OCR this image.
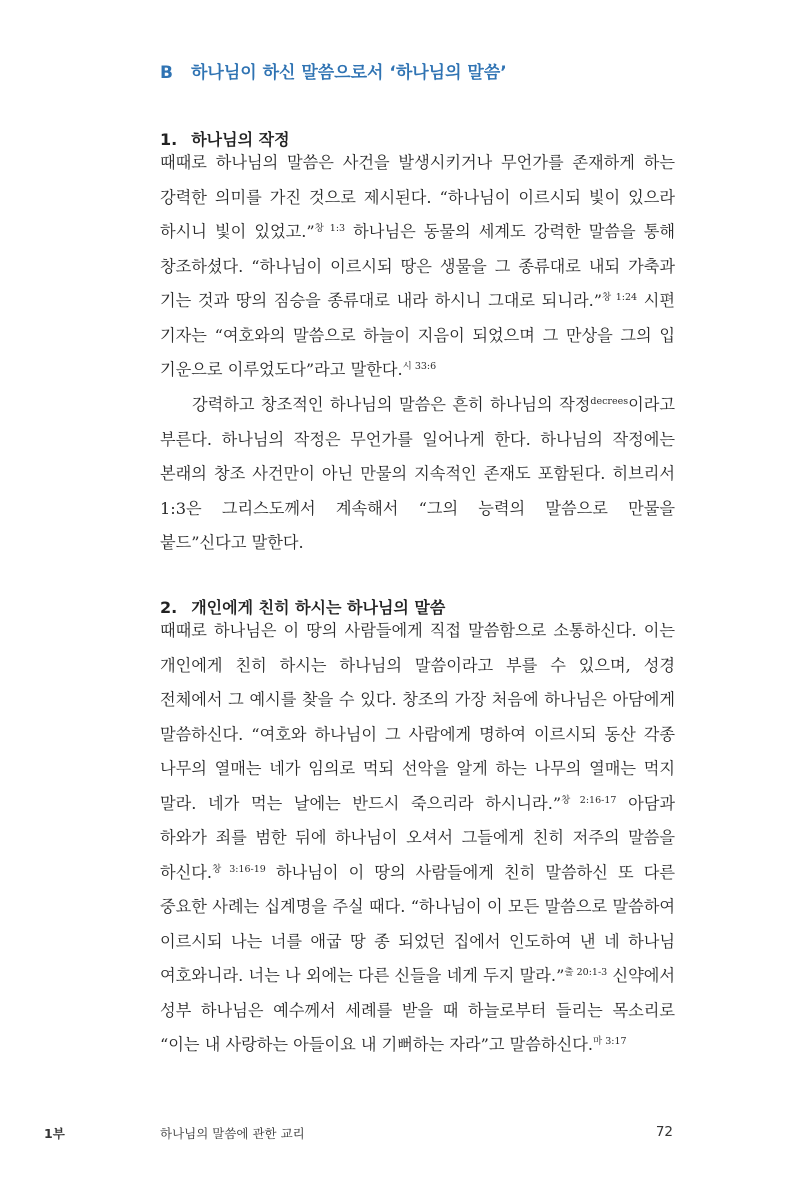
B 하나님이 하신 말씀으로서 ‘하나님의 말씀’
1. 하나님의 작정

때때로 하나님의 말씀은 사건을 발생시키거나 무언가를 존재하게 하는 강력한 의미를 가진 것으로 제시된다. “하나님이 이르시되 빛이 있으라 하시니 빛이 있었고.”$^{창 1:3}$ 하나님은 동물의 세계도 강력한 말씀을 통해 창조하셨다. “하나님이 이르시되 땅은 생물을 그 종류대로 내되 가축과 기는 것과 땅의 짐승을 종류대로 내라 하시니 그대로 되니라.”$^{창 1:24}$ 시편 기자는 “여호와의 말씀으로 하늘이 지음이 되었으며 그 만상을 그의 입 기운으로 이루었도다”라고 말한다.$^{시 33:6}$

강력하고 창조적인 하나님의 말씀은 흔히 하나님의 작정$^{decrees}$이라고 부른다. 하나님의 작정은 무언가를 일어나게 한다. 하나님의 작정에는 본래의 창조 사건만이 아닌 만물의 지속적인 존재도 포함된다. 히브리서 1:3은 그리스도께서 계속해서 “그의 능력의 말씀으로 만물을 붙드”신다고 말한다.

2. 개인에게 친히 하시는 하나님의 말씀

때때로 하나님은 이 땅의 사람들에게 직접 말씀함으로 소통하신다. 이는 개인에게 친히 하시는 하나님의 말씀이라고 부를 수 있으며, 성경 전체에서 그 예시를 찾을 수 있다. 창조의 가장 처음에 하나님은 아담에게 말씀하신다. “여호와 하나님이 그 사람에게 명하여 이르시되 동산 각종 나무의 열매는 네가 임의로 먹되 선악을 알게 하는 나무의 열매는 먹지 말라. 네가 먹는 날에는 반드시 죽으리라 하시니라.”$^{창 2:16-17}$ 아담과 하와가 죄를 범한 뒤에 하나님이 오셔서 그들에게 친히 저주의 말씀을 하신다.$^{창 3:16-19}$ 하나님이 이 땅의 사람들에게 친히 말씀하신 또 다른 중요한 사례는 십계명을 주실 때다. “하나님이 이 모든 말씀으로 말씀하여 이르시되 나는 너를 애굽 땅 종 되었던 집에서 인도하여 낸 네 하나님 여호와니라. 너는 나 외에는 다른 신들을 네게 두지 말라.”$^{출 20:1-3}$ 신약에서 성부 하나님은 예수께서 세례를 받을 때 하늘로부터 들리는 목소리로 “이는 내 사랑하는 아들이요 내 기뻐하는 자라”고 말씀하신다.$^{마 3:17}$

1부	하나님의 말씀에 관한 교리	72
